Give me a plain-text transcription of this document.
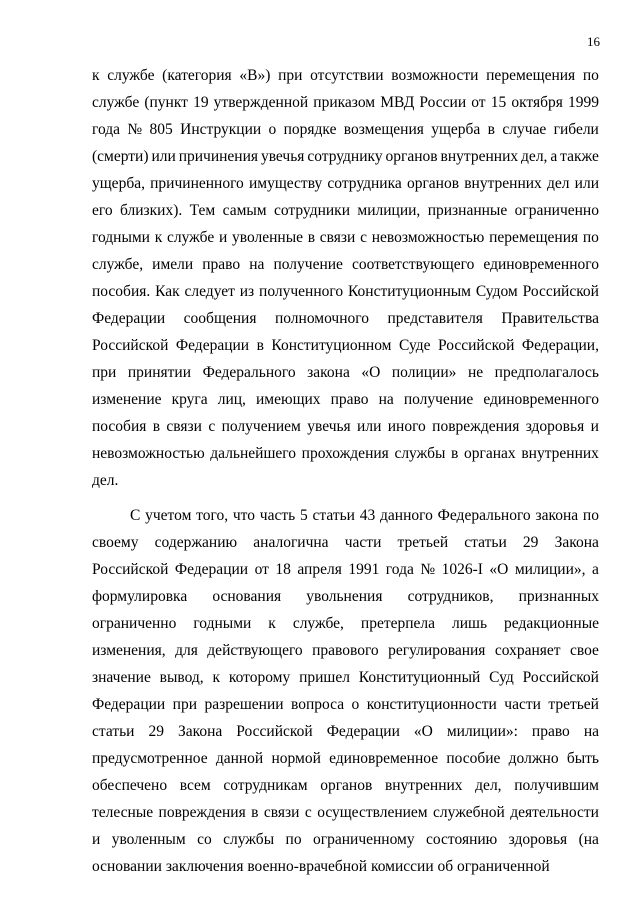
16
к службе (категория «В») при отсутствии возможности перемещения по
службе (пункт 19 утвержденной приказом МВД России от 15 октября 1999
года № 805 Инструкции о порядке возмещения ущерба в случае гибели
(смерти) или причинения увечья сотруднику органов внутренних дел, а также
ущерба, причиненного имуществу сотрудника органов внутренних дел или
его близких). Тем самым сотрудники милиции, признанные ограниченно
годными к службе и уволенные в связи с невозможностью перемещения по
службе, имели право на получение соответствующего единовременного
пособия. Как следует из полученного Конституционным Судом Российской
Федерации сообщения полномочного представителя Правительства
Российской Федерации в Конституционном Суде Российской Федерации,
при принятии Федерального закона «О полиции» не предполагалось
изменение круга лиц, имеющих право на получение единовременного
пособия в связи с получением увечья или иного повреждения здоровья и
невозможностью дальнейшего прохождения службы в органах внутренних
дел.
С учетом того, что часть 5 статьи 43 данного Федерального закона по
своему содержанию аналогична части третьей статьи 29 Закона
Российской Федерации от 18 апреля 1991 года № 1026-I «О милиции», а
формулировка основания увольнения сотрудников, признанных
ограниченно годными к службе, претерпела лишь редакционные
изменения, для действующего правового регулирования сохраняет свое
значение вывод, к которому пришел Конституционный Суд Российской
Федерации при разрешении вопроса о конституционности части третьей
статьи 29 Закона Российской Федерации «О милиции»: право на
предусмотренное данной нормой единовременное пособие должно быть
обеспечено всем сотрудникам органов внутренних дел, получившим
телесные повреждения в связи с осуществлением служебной деятельности
и уволенным со службы по ограниченному состоянию здоровья (на
основании заключения военно-врачебной комиссии об ограниченной
